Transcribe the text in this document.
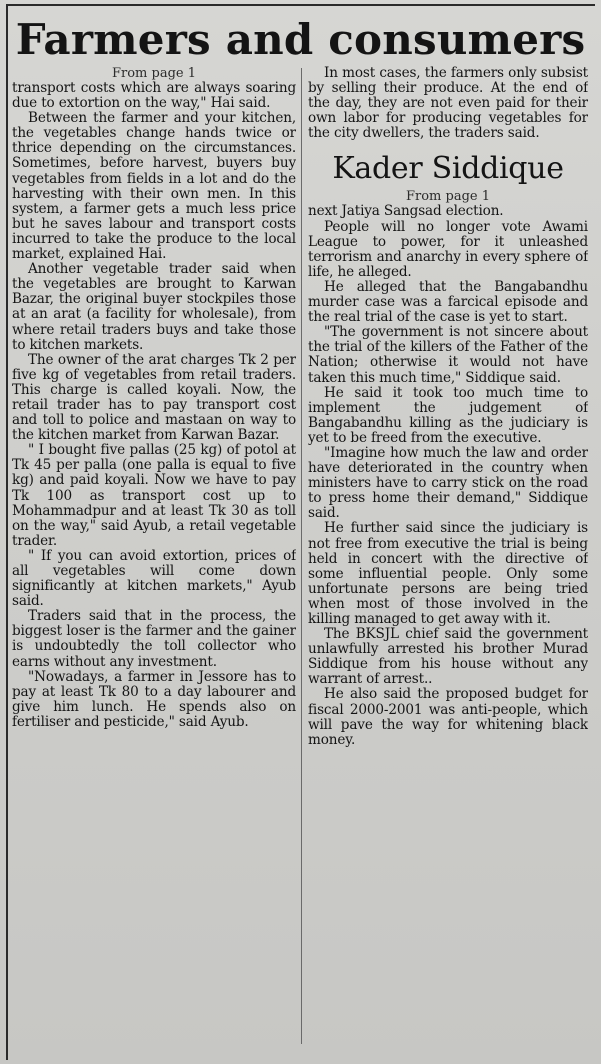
Farmers and consumers

From page 1

transport costs which are always soaring due to extortion on the way," Hai said.

Between the farmer and your kitchen, the vegetables change hands twice or thrice depending on the circumstances. Sometimes, before harvest, buyers buy vegetables from fields in a lot and do the harvesting with their own men. In this system, a farmer gets a much less price but he saves labour and transport costs incurred to take the produce to the local market, explained Hai.

Another vegetable trader said when the vegetables are brought to Karwan Bazar, the original buyer stockpiles those at an arat (a facility for wholesale), from where retail traders buys and take those to kitchen markets.

The owner of the arat charges Tk 2 per five kg of vegetables from retail traders. This charge is called koyali. Now, the retail trader has to pay transport cost and toll to police and mastaan on way to the kitchen market from Karwan Bazar.

" I bought five pallas (25 kg) of potol at Tk 45 per palla (one palla is equal to five kg) and paid koyali. Now we have to pay Tk 100 as transport cost up to Mohammadpur and at least Tk 30 as toll on the way," said Ayub, a retail vegetable trader.

" If you can avoid extortion, prices of all vegetables will come down significantly at kitchen markets," Ayub said.

Traders said that in the process, the biggest loser is the farmer and the gainer is undoubtedly the toll collector who earns without any investment.

"Nowadays, a farmer in Jessore has to pay at least Tk 80 to a day labourer and give him lunch. He spends also on fertiliser and pesticide," said Ayub.

In most cases, the farmers only subsist by selling their produce. At the end of the day, they are not even paid for their own labor for producing vegetables for the city dwellers, the traders said.

Kader Siddique

From page 1

next Jatiya Sangsad election.

People will no longer vote Awami League to power, for it unleashed terrorism and anarchy in every sphere of life, he alleged.

He alleged that the Bangabandhu murder case was a farcical episode and the real trial of the case is yet to start.

"The government is not sincere about the trial of the killers of the Father of the Nation; otherwise it would not have taken this much time," Siddique said.

He said it took too much time to implement the judgement of Bangabandhu killing as the judiciary is yet to be freed from the executive.

"Imagine how much the law and order have deteriorated in the country when ministers have to carry stick on the road to press home their demand," Siddique said.

He further said since the judiciary is not free from executive the trial is being held in concert with the directive of some influential people. Only some unfortunate persons are being tried when most of those involved in the killing managed to get away with it.

The BKSJL chief said the government unlawfully arrested his brother Murad Siddique from his house without any warrant of arrest..

He also said the proposed budget for fiscal 2000-2001 was anti-people, which will pave the way for whitening black money.
